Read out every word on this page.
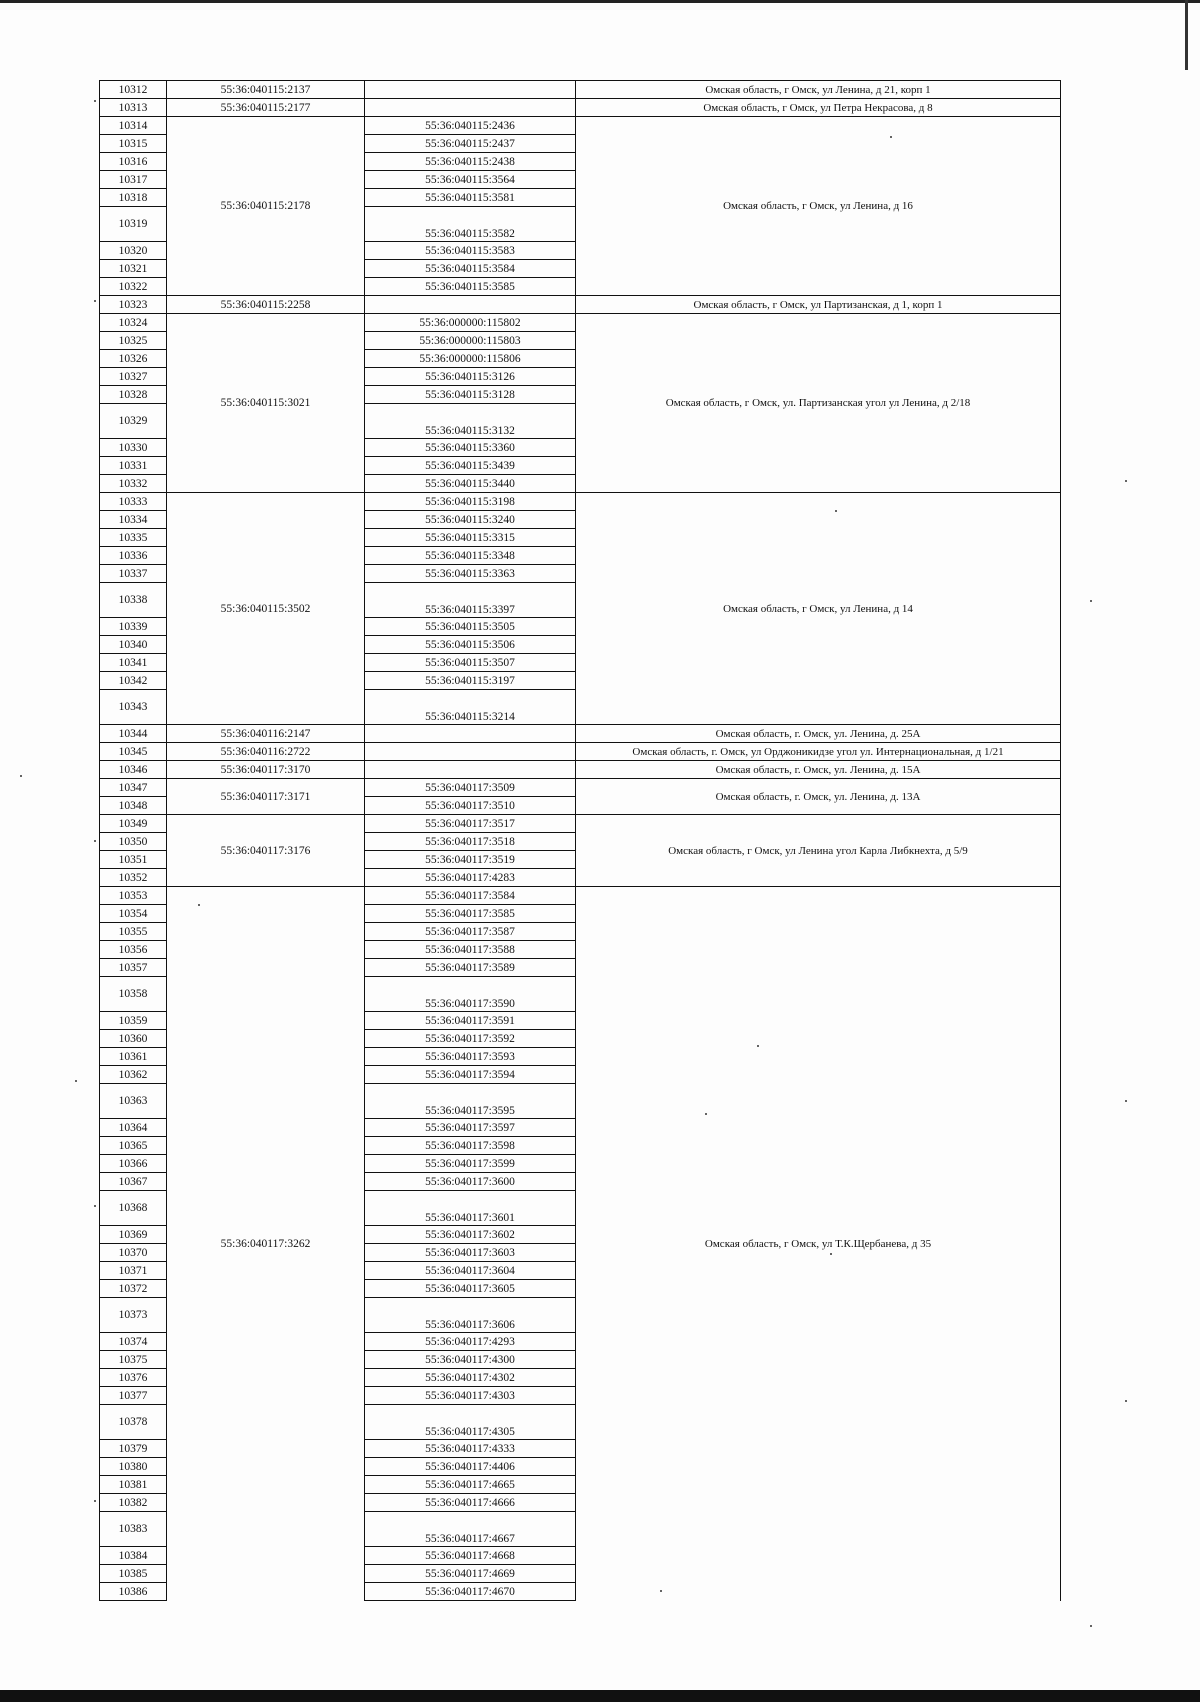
10312	55:36:040115:2137		Омская область, г Омск, ул Ленина, д 21, корп 1
10313	55:36:040115:2177		Омская область, г Омск, ул Петра Некрасова, д 8
10314	55:36:040115:2178	55:36:040115:2436	Омская область, г Омск, ул Ленина, д 16
10315		55:36:040115:2437	
10316		55:36:040115:2438	
10317		55:36:040115:3564	
10318		55:36:040115:3581	
10319		55:36:040115:3582	
10320		55:36:040115:3583	
10321		55:36:040115:3584	
10322		55:36:040115:3585	
10323	55:36:040115:2258		Омская область, г Омск, ул Партизанская, д 1, корп 1
10324	55:36:040115:3021	55:36:000000:115802	Омская область, г Омск, ул. Партизанская угол ул Ленина, д 2/18
10325		55:36:000000:115803	
10326		55:36:000000:115806	
10327		55:36:040115:3126	
10328		55:36:040115:3128	
10329		55:36:040115:3132	
10330		55:36:040115:3360	
10331		55:36:040115:3439	
10332		55:36:040115:3440	
10333	55:36:040115:3502	55:36:040115:3198	Омская область, г Омск, ул Ленина, д 14
10334		55:36:040115:3240	
10335		55:36:040115:3315	
10336		55:36:040115:3348	
10337		55:36:040115:3363	
10338		55:36:040115:3397	
10339		55:36:040115:3505	
10340		55:36:040115:3506	
10341		55:36:040115:3507	
10342		55:36:040115:3197	
10343		55:36:040115:3214	
10344	55:36:040116:2147		Омская область, г. Омск, ул. Ленина, д. 25А
10345	55:36:040116:2722		Омская область, г. Омск, ул Орджоникидзе угол ул. Интернациональная, д 1/21
10346	55:36:040117:3170		Омская область, г. Омск, ул. Ленина, д. 15А
10347	55:36:040117:3171	55:36:040117:3509	Омская область, г. Омск, ул. Ленина, д. 13А
10348		55:36:040117:3510	
10349	55:36:040117:3176	55:36:040117:3517	Омская область, г Омск, ул Ленина угол Карла Либкнехта, д 5/9
10350		55:36:040117:3518	
10351		55:36:040117:3519	
10352		55:36:040117:4283	
10353	55:36:040117:3262	55:36:040117:3584	Омская область, г Омск, ул Т.К.Щербанева, д 35
10354		55:36:040117:3585	
10355		55:36:040117:3587	
10356		55:36:040117:3588	
10357		55:36:040117:3589	
10358		55:36:040117:3590	
10359		55:36:040117:3591	
10360		55:36:040117:3592	
10361		55:36:040117:3593	
10362		55:36:040117:3594	
10363		55:36:040117:3595	
10364		55:36:040117:3597	
10365		55:36:040117:3598	
10366		55:36:040117:3599	
10367		55:36:040117:3600	
10368		55:36:040117:3601	
10369		55:36:040117:3602	
10370		55:36:040117:3603	
10371		55:36:040117:3604	
10372		55:36:040117:3605	
10373		55:36:040117:3606	
10374		55:36:040117:4293	
10375		55:36:040117:4300	
10376		55:36:040117:4302	
10377		55:36:040117:4303	
10378		55:36:040117:4305	
10379		55:36:040117:4333	
10380		55:36:040117:4406	
10381		55:36:040117:4665	
10382		55:36:040117:4666	
10383		55:36:040117:4667	
10384		55:36:040117:4668	
10385		55:36:040117:4669	
10386		55:36:040117:4670	
